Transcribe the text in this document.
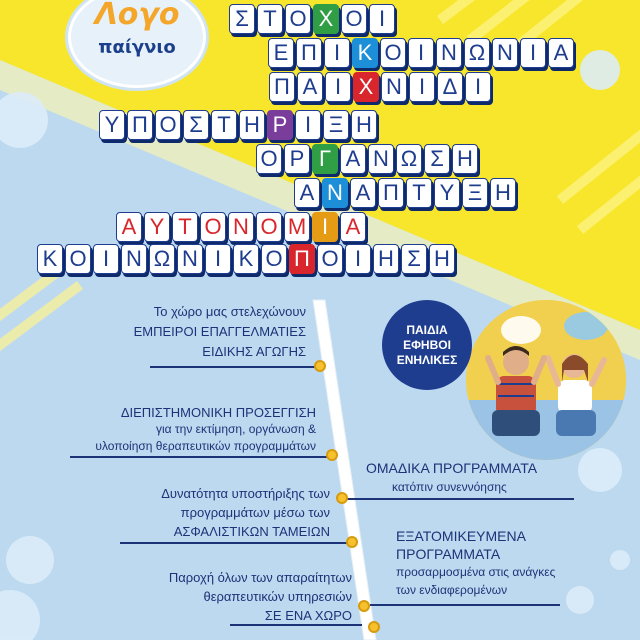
Λογο
παίγνιο
Σ Τ Ο Χ Ο Ι
Ε Π Ι Κ Ο Ι Ν Ω Ν Ι Α
Π Α Ι Χ Ν Ι Δ Ι
Υ Π Ο Σ Τ Η Ρ Ι Ξ Η
Ο Ρ Γ Α Ν Ω Σ Η
Α Ν Α Π Τ Υ Ξ Η
Α Υ Τ Ο Ν Ο Μ Ι Α
Κ Ο Ι Ν Ω Ν Ι Κ Ο Π Ο Ι Η Σ Η
Το χώρο μας στελεχώνουν
ΕΜΠΕΙΡΟΙ ΕΠΑΓΓΕΛΜΑΤΙΕΣ
ΕΙΔΙΚΗΣ ΑΓΩΓΗΣ
ΔΙΕΠΙΣΤΗΜΟΝΙΚΗ ΠΡΟΣΕΓΓΙΣΗ
για την εκτίμηση, οργάνωση &
υλοποίηση θεραπευτικών προγραμμάτων
Δυνατότητα υποστήριξης των
προγραμμάτων μέσω των
ΑΣΦΑΛΙΣΤΙΚΩΝ ΤΑΜΕΙΩΝ
Παροχή όλων των απαραίτητων
θεραπευτικών υπηρεσιών
ΣΕ ΕΝΑ ΧΩΡΟ
ΟΜΑΔΙΚΑ ΠΡΟΓΡΑΜΜΑΤΑ
κατόπιν συνεννόησης
ΕΞΑΤΟΜΙΚΕΥΜΕΝΑ
ΠΡΟΓΡΑΜΜΑΤΑ
προσαρμοσμένα στις ανάγκες
των ενδιαφερομένων
ΠΑΙΔΙΑ
ΕΦΗΒΟΙ
ΕΝΗΛΙΚΕΣ
